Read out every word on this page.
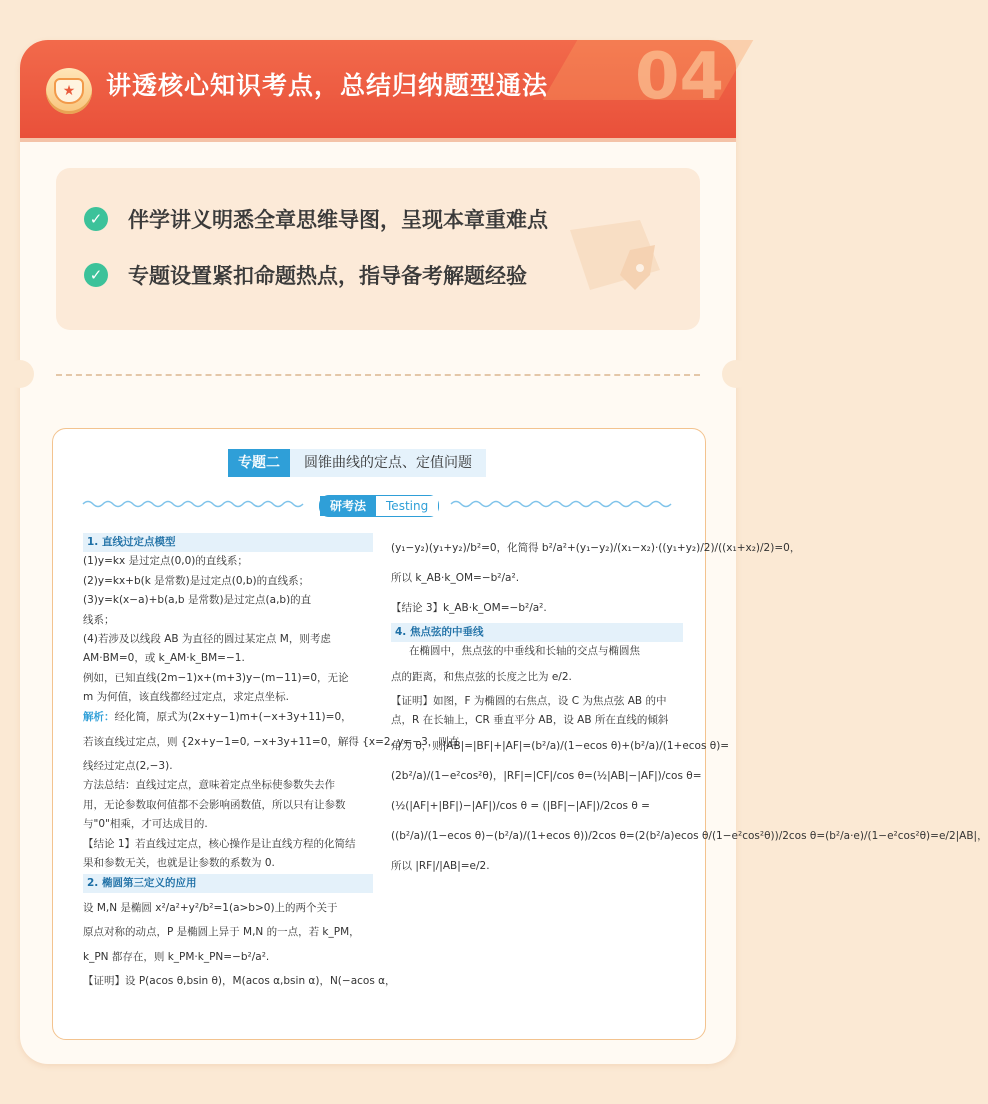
★	讲透核心知识考点，总结归纳题型通法 04
✓ 伴学讲义明悉全章思维导图，呈现本章重难点
✓ 专题设置紧扣命题热点，指导备考解题经验
专题二	圆锥曲线的定点、定值问题
研考法	Testing

1. 直线过定点模型

(1)y=kx 是过定点(0,0)的直线系；

(2)y=kx+b(k 是常数)是过定点(0,b)的直线系；

(3)y=k(x−a)+b(a,b 是常数)是过定点(a,b)的直

线系；

(4)若涉及以线段 AB 为直径的圆过某定点 M，则考虑

AM·BM=0，或 k_AM·k_BM=−1.

例如，已知直线(2m−1)x+(m+3)y−(m−11)=0，无论

m 为何值，该直线都经过定点，求定点坐标.

解析：经化简，原式为(2x+y−1)m+(−x+3y+11)=0，

若该直线过定点，则 {2x+y−1=0, −x+3y+11=0，解得 {x=2, y=−3，则直

线经过定点(2,−3).

方法总结：直线过定点，意味着定点坐标使参数失去作

用，无论参数取何值都不会影响函数值，所以只有让参数

与"0"相乘，才可达成目的.

【结论 1】若直线过定点，核心操作是让直线方程的化简结

果和参数无关，也就是让参数的系数为 0.

2. 椭圆第三定义的应用

设 M,N 是椭圆 x²/a²+y²/b²=1(a>b>0)上的两个关于

原点对称的动点，P 是椭圆上异于 M,N 的一点，若 k_PM，

k_PN 都存在，则 k_PM·k_PN=−b²/a².

【证明】设 P(acos θ,bsin θ)，M(acos α,bsin α)，N(−acos α，

(y₁−y₂)(y₁+y₂)/b²=0，化简得 b²/a²+(y₁−y₂)/(x₁−x₂)·((y₁+y₂)/2)/((x₁+x₂)/2)=0，

所以 k_AB·k_OM=−b²/a².

【结论 3】k_AB·k_OM=−b²/a².

4. 焦点弦的中垂线

在椭圆中，焦点弦的中垂线和长轴的交点与椭圆焦

点的距离，和焦点弦的长度之比为 e/2.

【证明】如图，F 为椭圆的右焦点，设 C 为焦点弦 AB 的中

点，R 在长轴上，CR 垂直平分 AB，设 AB 所在直线的倾斜

角为 θ，则|AB|=|BF|+|AF|=(b²/a)/(1−ecos θ)+(b²/a)/(1+ecos θ)=

(2b²/a)/(1−e²cos²θ)，|RF|=|CF|/cos θ=(½|AB|−|AF|)/cos θ=

(½(|AF|+|BF|)−|AF|)/cos θ = (|BF|−|AF|)/2cos θ =

((b²/a)/(1−ecos θ)−(b²/a)/(1+ecos θ))/2cos θ=(2(b²/a)ecos θ/(1−e²cos²θ))/2cos θ=(b²/a·e)/(1−e²cos²θ)=e/2|AB|，

所以 |RF|/|AB|=e/2.
